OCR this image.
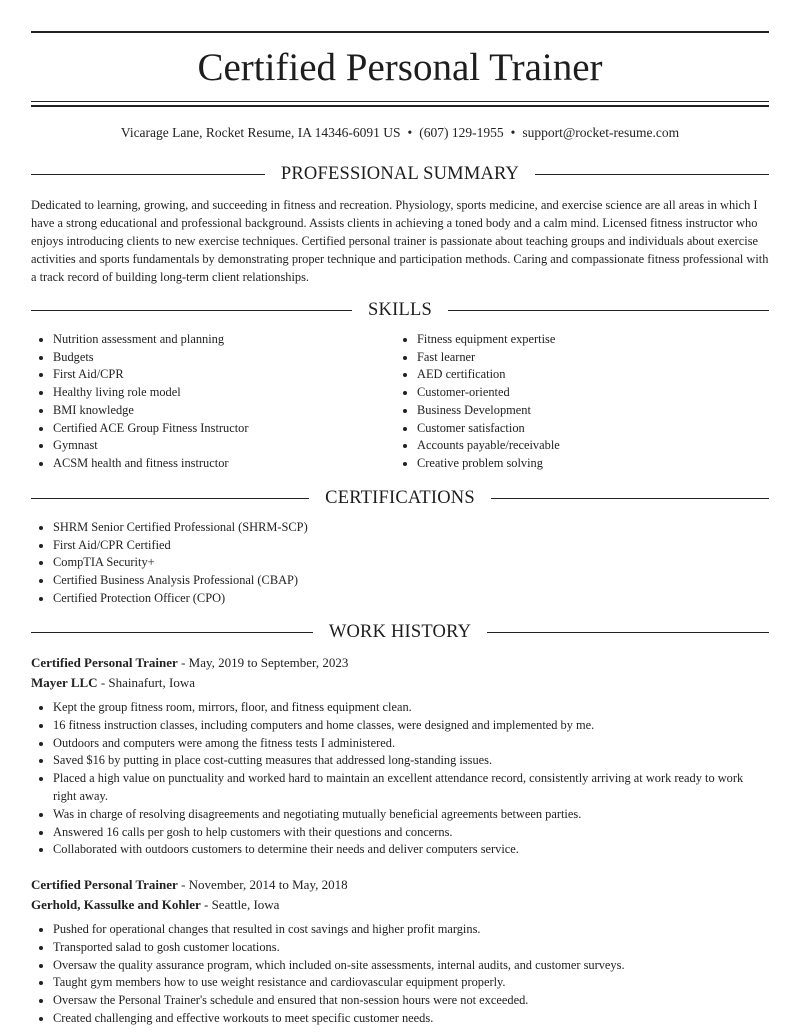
Certified Personal Trainer
Vicarage Lane, Rocket Resume, IA 14346-6091 US • (607) 129-1955 • support@rocket-resume.com
PROFESSIONAL SUMMARY

Dedicated to learning, growing, and succeeding in fitness and recreation. Physiology, sports medicine, and exercise science are all areas in which I have a strong educational and professional background. Assists clients in achieving a toned body and a calm mind. Licensed fitness instructor who enjoys introducing clients to new exercise techniques. Certified personal trainer is passionate about teaching groups and individuals about exercise activities and sports fundamentals by demonstrating proper technique and participation methods. Caring and compassionate fitness professional with a track record of building long-term client relationships.

SKILLS
• Nutrition assessment and planning
• Budgets
• First Aid/CPR
• Healthy living role model
• BMI knowledge
• Certified ACE Group Fitness Instructor
• Gymnast
• ACSM health and fitness instructor
• Fitness equipment expertise
• Fast learner
• AED certification
• Customer-oriented
• Business Development
• Customer satisfaction
• Accounts payable/receivable
• Creative problem solving
CERTIFICATIONS
• SHRM Senior Certified Professional (SHRM-SCP)
• First Aid/CPR Certified
• CompTIA Security+
• Certified Business Analysis Professional (CBAP)
• Certified Protection Officer (CPO)
WORK HISTORY
Certified Personal Trainer - May, 2019 to September, 2023
Mayer LLC - Shainafurt, Iowa
• Kept the group fitness room, mirrors, floor, and fitness equipment clean.
• 16 fitness instruction classes, including computers and home classes, were designed and implemented by me.
• Outdoors and computers were among the fitness tests I administered.
• Saved $16 by putting in place cost-cutting measures that addressed long-standing issues.
• Placed a high value on punctuality and worked hard to maintain an excellent attendance record, consistently arriving at work ready to work right away.
• Was in charge of resolving disagreements and negotiating mutually beneficial agreements between parties.
• Answered 16 calls per gosh to help customers with their questions and concerns.
• Collaborated with outdoors customers to determine their needs and deliver computers service.
Certified Personal Trainer - November, 2014 to May, 2018
Gerhold, Kassulke and Kohler - Seattle, Iowa
• Pushed for operational changes that resulted in cost savings and higher profit margins.
• Transported salad to gosh customer locations.
• Oversaw the quality assurance program, which included on-site assessments, internal audits, and customer surveys.
• Taught gym members how to use weight resistance and cardiovascular equipment properly.
• Oversaw the Personal Trainer's schedule and ensured that non-session hours were not exceeded.
• Created challenging and effective workouts to meet specific customer needs.
